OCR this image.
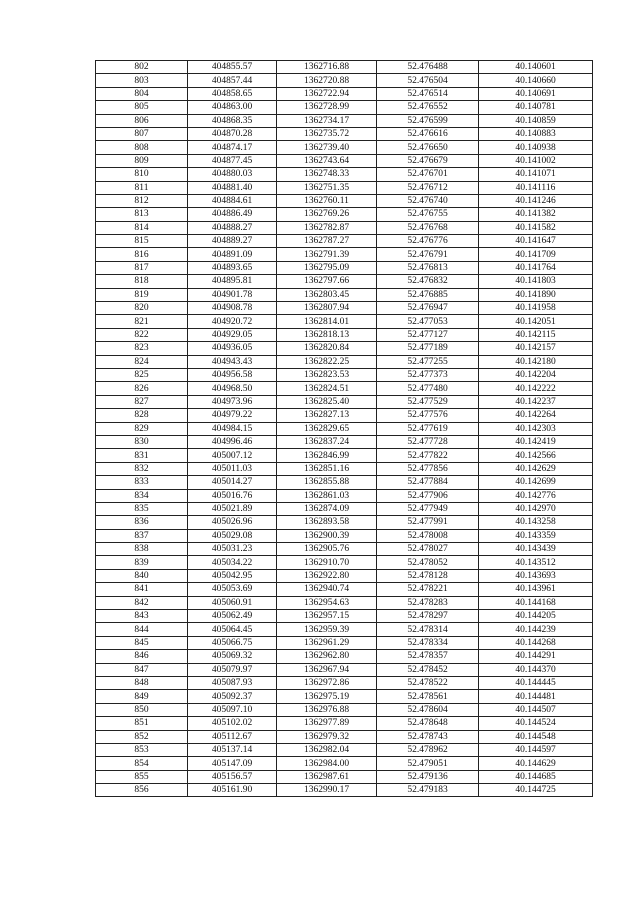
802	404855.57	1362716.88	52.476488	40.140601
803	404857.44	1362720.88	52.476504	40.140660
804	404858.65	1362722.94	52.476514	40.140691
805	404863.00	1362728.99	52.476552	40.140781
806	404868.35	1362734.17	52.476599	40.140859
807	404870.28	1362735.72	52.476616	40.140883
808	404874.17	1362739.40	52.476650	40.140938
809	404877.45	1362743.64	52.476679	40.141002
810	404880.03	1362748.33	52.476701	40.141071
811	404881.40	1362751.35	52.476712	40.141116
812	404884.61	1362760.11	52.476740	40.141246
813	404886.49	1362769.26	52.476755	40.141382
814	404888.27	1362782.87	52.476768	40.141582
815	404889.27	1362787.27	52.476776	40.141647
816	404891.09	1362791.39	52.476791	40.141709
817	404893.65	1362795.09	52.476813	40.141764
818	404895.81	1362797.66	52.476832	40.141803
819	404901.78	1362803.45	52.476885	40.141890
820	404908.78	1362807.94	52.476947	40.141958
821	404920.72	1362814.01	52.477053	40.142051
822	404929.05	1362818.13	52.477127	40.142115
823	404936.05	1362820.84	52.477189	40.142157
824	404943.43	1362822.25	52.477255	40.142180
825	404956.58	1362823.53	52.477373	40.142204
826	404968.50	1362824.51	52.477480	40.142222
827	404973.96	1362825.40	52.477529	40.142237
828	404979.22	1362827.13	52.477576	40.142264
829	404984.15	1362829.65	52.477619	40.142303
830	404996.46	1362837.24	52.477728	40.142419
831	405007.12	1362846.99	52.477822	40.142566
832	405011.03	1362851.16	52.477856	40.142629
833	405014.27	1362855.88	52.477884	40.142699
834	405016.76	1362861.03	52.477906	40.142776
835	405021.89	1362874.09	52.477949	40.142970
836	405026.96	1362893.58	52.477991	40.143258
837	405029.08	1362900.39	52.478008	40.143359
838	405031.23	1362905.76	52.478027	40.143439
839	405034.22	1362910.70	52.478052	40.143512
840	405042.95	1362922.80	52.478128	40.143693
841	405053.69	1362940.74	52.478221	40.143961
842	405060.91	1362954.63	52.478283	40.144168
843	405062.49	1362957.15	52.478297	40.144205
844	405064.45	1362959.39	52.478314	40.144239
845	405066.75	1362961.29	52.478334	40.144268
846	405069.32	1362962.80	52.478357	40.144291
847	405079.97	1362967.94	52.478452	40.144370
848	405087.93	1362972.86	52.478522	40.144445
849	405092.37	1362975.19	52.478561	40.144481
850	405097.10	1362976.88	52.478604	40.144507
851	405102.02	1362977.89	52.478648	40.144524
852	405112.67	1362979.32	52.478743	40.144548
853	405137.14	1362982.04	52.478962	40.144597
854	405147.09	1362984.00	52.479051	40.144629
855	405156.57	1362987.61	52.479136	40.144685
856	405161.90	1362990.17	52.479183	40.144725
